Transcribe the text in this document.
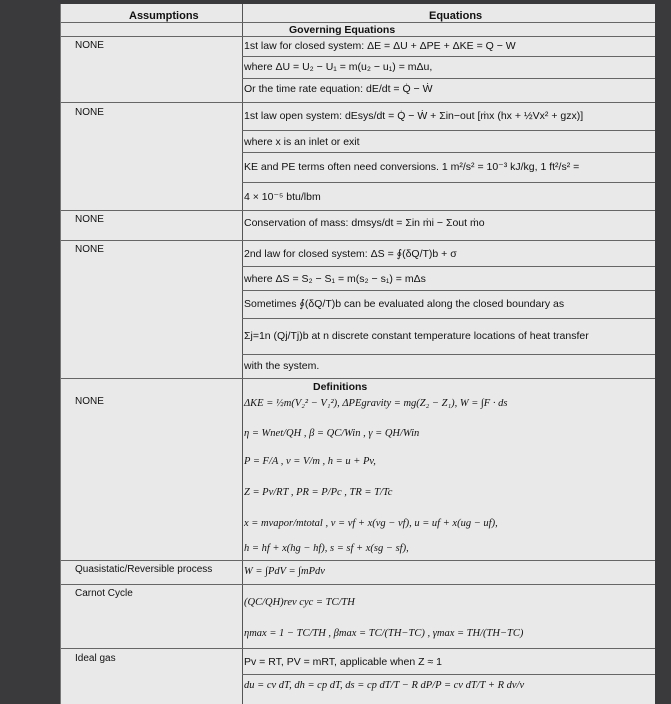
Assumptions	Equations
NONE
NONE
NONE
NONE
NONE
Quasistatic/Reversible process
Carnot Cycle
Ideal gas
Governing Equations
1st law for closed system: ΔE = ΔU + ΔPE + ΔKE = Q − W
where ΔU = U₂ − U₁ = m(u₂ − u₁) = mΔu,
Or the time rate equation: dE/dt = Q̇ − Ẇ
1st law open system: dEsys/dt = Q̇ − Ẇ + Σin−out [ṁx (hx + ½Vx² + gzx)]
where x is an inlet or exit
KE and PE terms often need conversions. 1 m²/s² = 10⁻³ kJ/kg, 1 ft²/s² =
4 × 10⁻⁵ btu/lbm
Conservation of mass: dmsys/dt = Σin ṁi − Σout ṁo
2nd law for closed system: ΔS = ∮(δQ/T)b + σ
where ΔS = S₂ − S₁ = m(s₂ − s₁) = mΔs
Sometimes ∮(δQ/T)b can be evaluated along the closed boundary as
Σj=1n (Qj/Tj)b at n discrete constant temperature locations of heat transfer
with the system.
Definitions
ΔKE = ½m(V₂² − V₁²), ΔPEgravity = mg(Z₂ − Z₁), W = ∫F · ds
η = Wnet/QH , β = QC/Win , γ = QH/Win
P = F/A , v = V/m , h = u + Pv,
Z = Pv/RT , PR = P/Pc , TR = T/Tc
x = mvapor/mtotal , v = vf + x(vg − vf), u = uf + x(ug − uf),
h = hf + x(hg − hf), s = sf + x(sg − sf),
W = ∫PdV = ∫mPdv
(QC/QH)rev cyc = TC/TH
ηmax = 1 − TC/TH , βmax = TC/(TH−TC) , γmax = TH/(TH−TC)
Pv = RT, PV = mRT, applicable when Z ≈ 1
du = cv dT, dh = cp dT, ds = cp dT/T − R dP/P = cv dT/T + R dv/v
